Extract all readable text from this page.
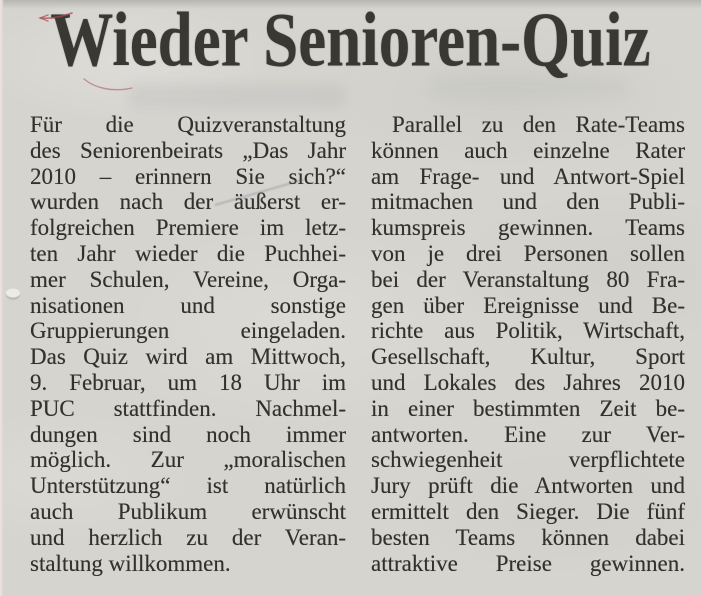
Wieder Senioren-Quiz
Für die Quizveranstaltung
des Seniorenbeirats „Das Jahr
2010 – erinnern Sie sich?“
wurden nach der äußerst er-
folgreichen Premiere im letz-
ten Jahr wieder die Puchhei-
mer Schulen, Vereine, Orga-
nisationen und sonstige
Gruppierungen eingeladen.
Das Quiz wird am Mittwoch,
9. Februar, um 18 Uhr im
PUC stattfinden. Nachmel-
dungen sind noch immer
möglich. Zur „moralischen
Unterstützung“ ist natürlich
auch Publikum erwünscht
und herzlich zu der Veran-
staltung willkommen.
Parallel zu den Rate-Teams
können auch einzelne Rater
am Frage- und Antwort-Spiel
mitmachen und den Publi-
kumspreis gewinnen. Teams
von je drei Personen sollen
bei der Veranstaltung 80 Fra-
gen über Ereignisse und Be-
richte aus Politik, Wirtschaft,
Gesellschaft, Kultur, Sport
und Lokales des Jahres 2010
in einer bestimmten Zeit be-
antworten. Eine zur Ver-
schwiegenheit verpflichtete
Jury prüft die Antworten und
ermittelt den Sieger. Die fünf
besten Teams können dabei
attraktive Preise gewinnen.
